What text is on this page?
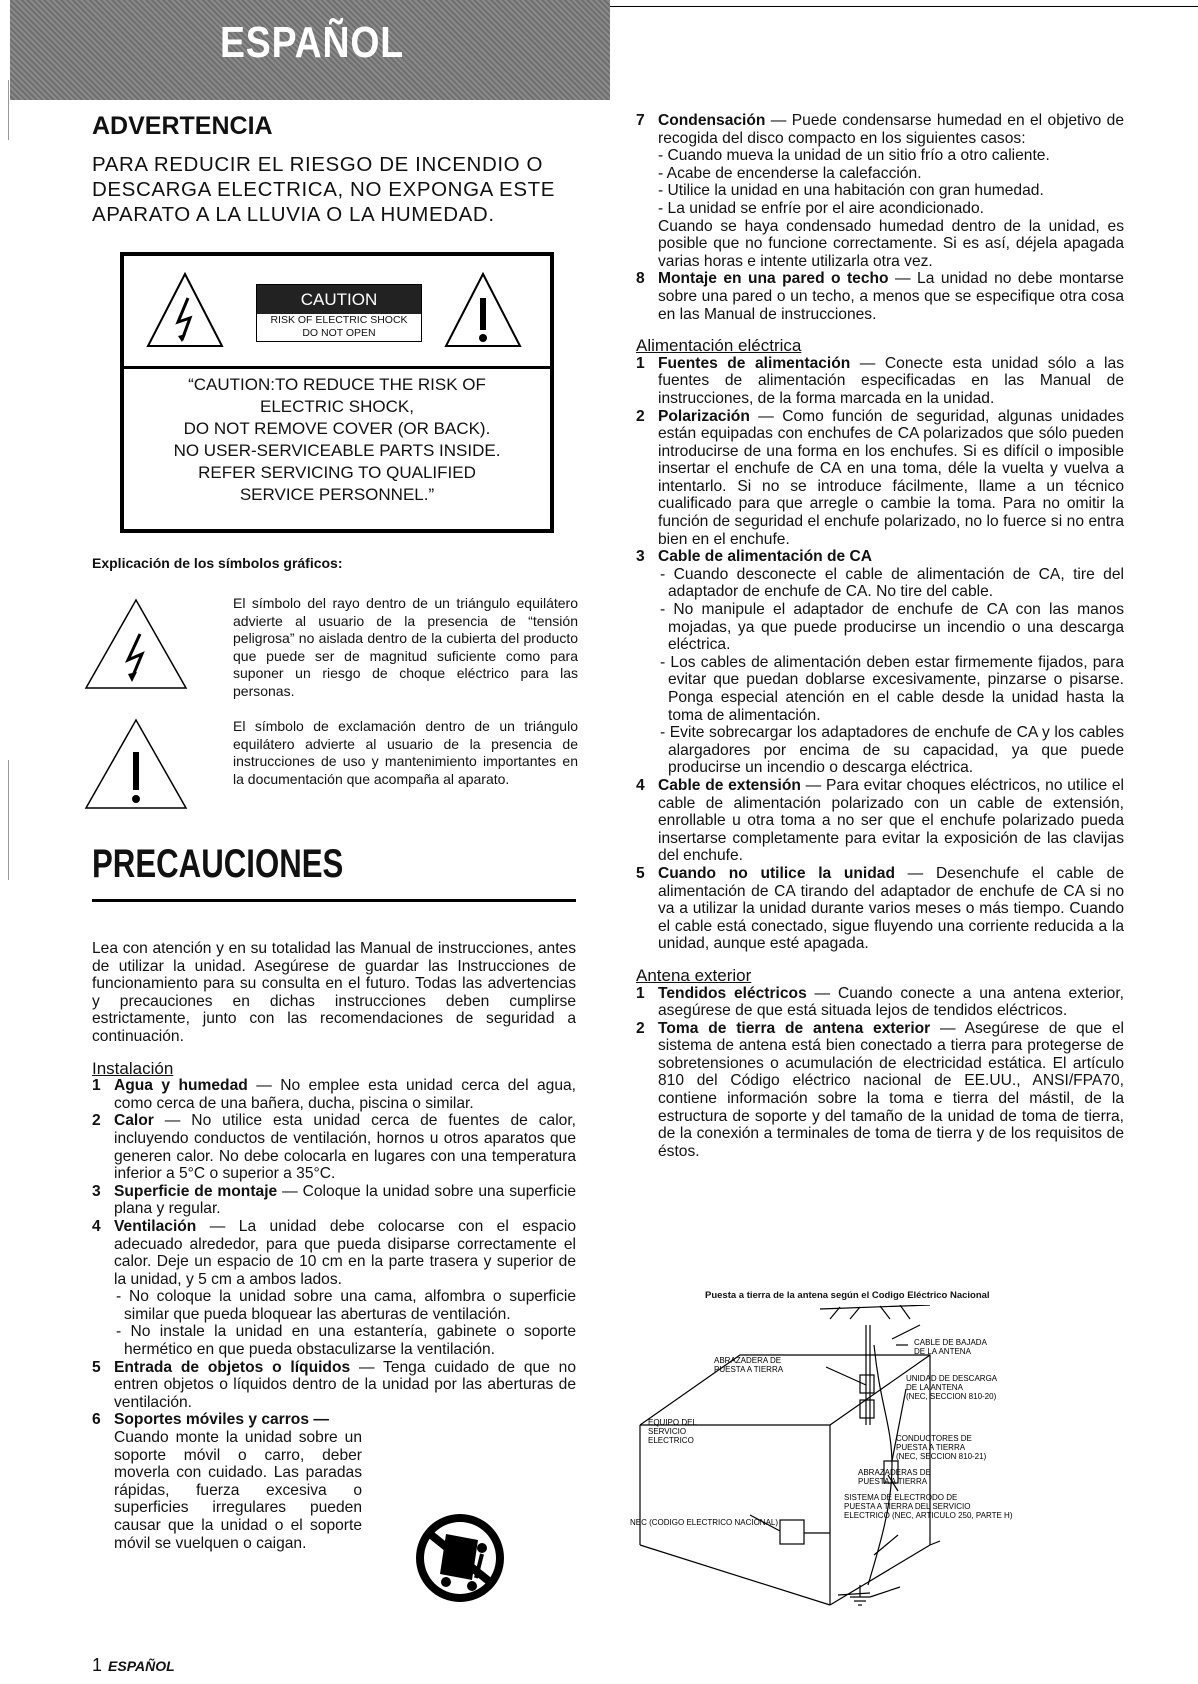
ESPAÑOL
ADVERTENCIA
PARA REDUCIR EL RIESGO DE INCENDIO O DESCARGA ELECTRICA, NO EXPONGA ESTE APARATO A LA LLUVIA O LA HUMEDAD.
CAUTION
RISK OF ELECTRIC SHOCK
DO NOT OPEN
“CAUTION:TO REDUCE THE RISK OF
ELECTRIC SHOCK,
DO NOT REMOVE COVER (OR BACK).
NO USER-SERVICEABLE PARTS INSIDE.
REFER SERVICING TO QUALIFIED
SERVICE PERSONNEL.”
Explicación de los símbolos gráficos:
El símbolo del rayo dentro de un triángulo equilátero advierte al usuario de la presencia de “tensión peligrosa” no aislada dentro de la cubierta del producto que puede ser de magnitud suficiente como para suponer un riesgo de choque eléctrico para las personas.
El símbolo de exclamación dentro de un triángulo equilátero advierte al usuario de la presencia de instrucciones de uso y mantenimiento importantes en la documentación que acompaña al aparato.
PRECAUCIONES
Lea con atención y en su totalidad las Manual de instrucciones, antes de utilizar la unidad. Asegúrese de guardar las Instrucciones de funcionamiento para su consulta en el futuro. Todas las advertencias y precauciones en dichas instrucciones deben cumplirse estrictamente, junto con las recomendaciones de seguridad a continuación.
Instalación
1 Agua y humedad — No emplee esta unidad cerca del agua, como cerca de una bañera, ducha, piscina o similar.
2 Calor — No utilice esta unidad cerca de fuentes de calor, incluyendo conductos de ventilación, hornos u otros aparatos que generen calor. No debe colocarla en lugares con una temperatura inferior a 5°C o superior a 35°C.
3 Superficie de montaje — Coloque la unidad sobre una superficie plana y regular.
4 Ventilación — La unidad debe colocarse con el espacio adecuado alrededor, para que pueda disiparse correctamente el calor. Deje un espacio de 10 cm en la parte trasera y superior de la unidad, y 5 cm a ambos lados.
- No coloque la unidad sobre una cama, alfombra o superficie similar que pueda bloquear las aberturas de ventilación.
- No instale la unidad en una estantería, gabinete o soporte hermético en que pueda obstaculizarse la ventilación.
5 Entrada de objetos o líquidos — Tenga cuidado de que no entren objetos o líquidos dentro de la unidad por las aberturas de ventilación.
6 Soportes móviles y carros —
Cuando monte la unidad sobre un soporte móvil o carro, deber moverla con cuidado. Las paradas rápidas, fuerza excesiva o superficies irregulares pueden causar que la unidad o el soporte móvil se vuelquen o caigan.
7 Condensación — Puede condensarse humedad en el objetivo de recogida del disco compacto en los siguientes casos:
- Cuando mueva la unidad de un sitio frío a otro caliente.
- Acabe de encenderse la calefacción.
- Utilice la unidad en una habitación con gran humedad.
- La unidad se enfríe por el aire acondicionado.
Cuando se haya condensado humedad dentro de la unidad, es posible que no funcione correctamente. Si es así, déjela apagada varias horas e intente utilizarla otra vez.
8 Montaje en una pared o techo — La unidad no debe montarse sobre una pared o un techo, a menos que se especifique otra cosa en las Manual de instrucciones.
Alimentación eléctrica
1 Fuentes de alimentación — Conecte esta unidad sólo a las fuentes de alimentación especificadas en las Manual de instrucciones, de la forma marcada en la unidad.
2 Polarización — Como función de seguridad, algunas unidades están equipadas con enchufes de CA polarizados que sólo pueden introducirse de una forma en los enchufes. Si es difícil o imposible insertar el enchufe de CA en una toma, déle la vuelta y vuelva a intentarlo. Si no se introduce fácilmente, llame a un técnico cualificado para que arregle o cambie la toma. Para no omitir la función de seguridad el enchufe polarizado, no lo fuerce si no entra bien en el enchufe.
3 Cable de alimentación de CA
- Cuando desconecte el cable de alimentación de CA, tire del adaptador de enchufe de CA. No tire del cable.
- No manipule el adaptador de enchufe de CA con las manos mojadas, ya que puede producirse un incendio o una descarga eléctrica.
- Los cables de alimentación deben estar firmemente fijados, para evitar que puedan doblarse excesivamente, pinzarse o pisarse. Ponga especial atención en el cable desde la unidad hasta la toma de alimentación.
- Evite sobrecargar los adaptadores de enchufe de CA y los cables alargadores por encima de su capacidad, ya que puede producirse un incendio o descarga eléctrica.
4 Cable de extensión — Para evitar choques eléctricos, no utilice el cable de alimentación polarizado con un cable de extensión, enrollable u otra toma a no ser que el enchufe polarizado pueda insertarse completamente para evitar la exposición de las clavijas del enchufe.
5 Cuando no utilice la unidad — Desenchufe el cable de alimentación de CA tirando del adaptador de enchufe de CA si no va a utilizar la unidad durante varios meses o más tiempo. Cuando el cable está conectado, sigue fluyendo una corriente reducida a la unidad, aunque esté apagada.
Antena exterior
1 Tendidos eléctricos — Cuando conecte a una antena exterior, asegúrese de que está situada lejos de tendidos eléctricos.
2 Toma de tierra de antena exterior — Asegúrese de que el sistema de antena está bien conectado a tierra para protegerse de sobretensiones o acumulación de electricidad estática. El artículo 810 del Código eléctrico nacional de EE.UU., ANSI/FPA70, contiene información sobre la toma e tierra del mástil, de la estructura de soporte y del tamaño de la unidad de toma de tierra, de la conexión a terminales de toma de tierra y de los requisitos de éstos.
Puesta a tierra de la antena según el Codigo Eléctrico Nacional
CABLE DE BAJADA
DE LA ANTENA
ABRAZADERA DE
PUESTA A TIERRA
UNIDAD DE DESCARGA
DE LA ANTENA
(NEC, SECCION 810-20)
EQUIPO DEL
SERVICIO
ELECTRICO	CONDUCTORES DE
PUESTA A TIERRA
(NEC, SECCION 810-21)
ABRAZADERAS DE
PUESTA A TIERRA
NEC (CODIGO ELECTRICO NACIONAL)
SISTEMA DE ELECTRODO DE
PUESTA A TIERRA DEL SERVICIO
ELECTRICO (NEC, ARTICULO 250, PARTE H)
1 ESPAÑOL
